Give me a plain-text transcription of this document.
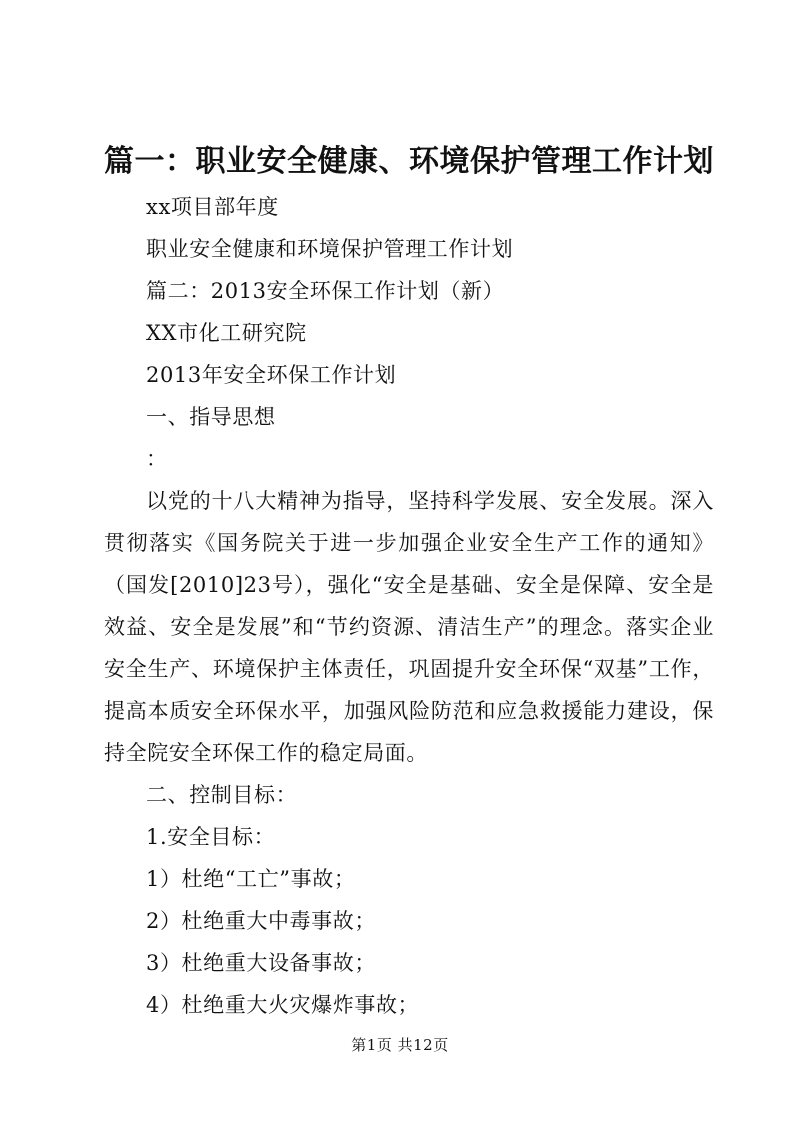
篇一：职业安全健康、环境保护管理工作计划
xx项目部年度
职业安全健康和环境保护管理工作计划
篇二：2013安全环保工作计划（新）
XX市化工研究院
2013年安全环保工作计划
一、指导思想
：

以党的十八大精神为指导，坚持科学发展、安全发展。深入贯彻落实《国务院关于进一步加强企业安全生产工作的通知》（国发[2010]23号），强化“安全是基础、安全是保障、安全是效益、安全是发展”和“节约资源、清洁生产”的理念。落实企业安全生产、环境保护主体责任，巩固提升安全环保“双基”工作，提高本质安全环保水平，加强风险防范和应急救援能力建设，保持全院安全环保工作的稳定局面。

二、控制目标：
1.安全目标：
1）杜绝“工亡”事故；
2）杜绝重大中毒事故；
3）杜绝重大设备事故；
4）杜绝重大火灾爆炸事故；
第1页 共12页
